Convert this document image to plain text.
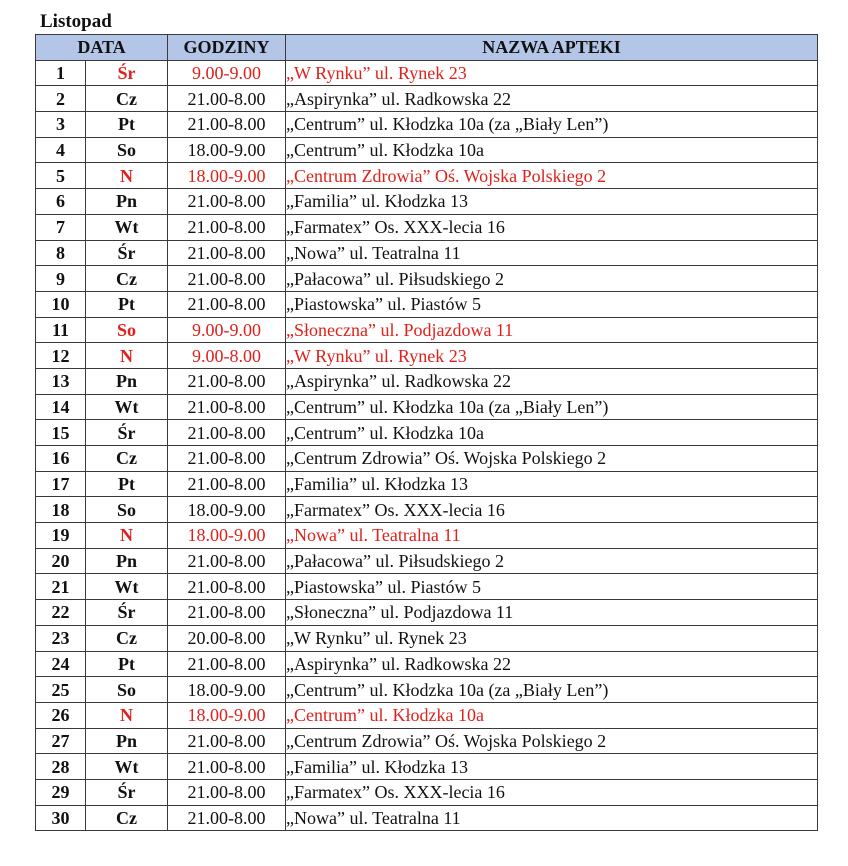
Listopad
DATA		GODZINY	NAZWA APTEKI
1	Śr	9.00-9.00	„W Rynku” ul. Rynek 23
2	Cz	21.00-8.00	„Aspirynka” ul. Radkowska 22
3	Pt	21.00-8.00	„Centrum” ul. Kłodzka 10a (za „Biały Len”)
4	So	18.00-9.00	„Centrum” ul. Kłodzka 10a
5	N	18.00-9.00	„Centrum Zdrowia” Oś. Wojska Polskiego 2
6	Pn	21.00-8.00	„Familia” ul. Kłodzka 13
7	Wt	21.00-8.00	„Farmatex” Os. XXX-lecia 16
8	Śr	21.00-8.00	„Nowa” ul. Teatralna 11
9	Cz	21.00-8.00	„Pałacowa” ul. Piłsudskiego 2
10	Pt	21.00-8.00	„Piastowska” ul. Piastów 5
11	So	9.00-9.00	„Słoneczna” ul. Podjazdowa 11
12	N	9.00-8.00	„W Rynku” ul. Rynek 23
13	Pn	21.00-8.00	„Aspirynka” ul. Radkowska 22
14	Wt	21.00-8.00	„Centrum” ul. Kłodzka 10a (za „Biały Len”)
15	Śr	21.00-8.00	„Centrum” ul. Kłodzka 10a
16	Cz	21.00-8.00	„Centrum Zdrowia” Oś. Wojska Polskiego 2
17	Pt	21.00-8.00	„Familia” ul. Kłodzka 13
18	So	18.00-9.00	„Farmatex” Os. XXX-lecia 16
19	N	18.00-9.00	„Nowa” ul. Teatralna 11
20	Pn	21.00-8.00	„Pałacowa” ul. Piłsudskiego 2
21	Wt	21.00-8.00	„Piastowska” ul. Piastów 5
22	Śr	21.00-8.00	„Słoneczna” ul. Podjazdowa 11
23	Cz	20.00-8.00	„W Rynku” ul. Rynek 23
24	Pt	21.00-8.00	„Aspirynka” ul. Radkowska 22
25	So	18.00-9.00	„Centrum” ul. Kłodzka 10a (za „Biały Len”)
26	N	18.00-9.00	„Centrum” ul. Kłodzka 10a
27	Pn	21.00-8.00	„Centrum Zdrowia” Oś. Wojska Polskiego 2
28	Wt	21.00-8.00	„Familia” ul. Kłodzka 13
29	Śr	21.00-8.00	„Farmatex” Os. XXX-lecia 16
30	Cz	21.00-8.00	„Nowa” ul. Teatralna 11
